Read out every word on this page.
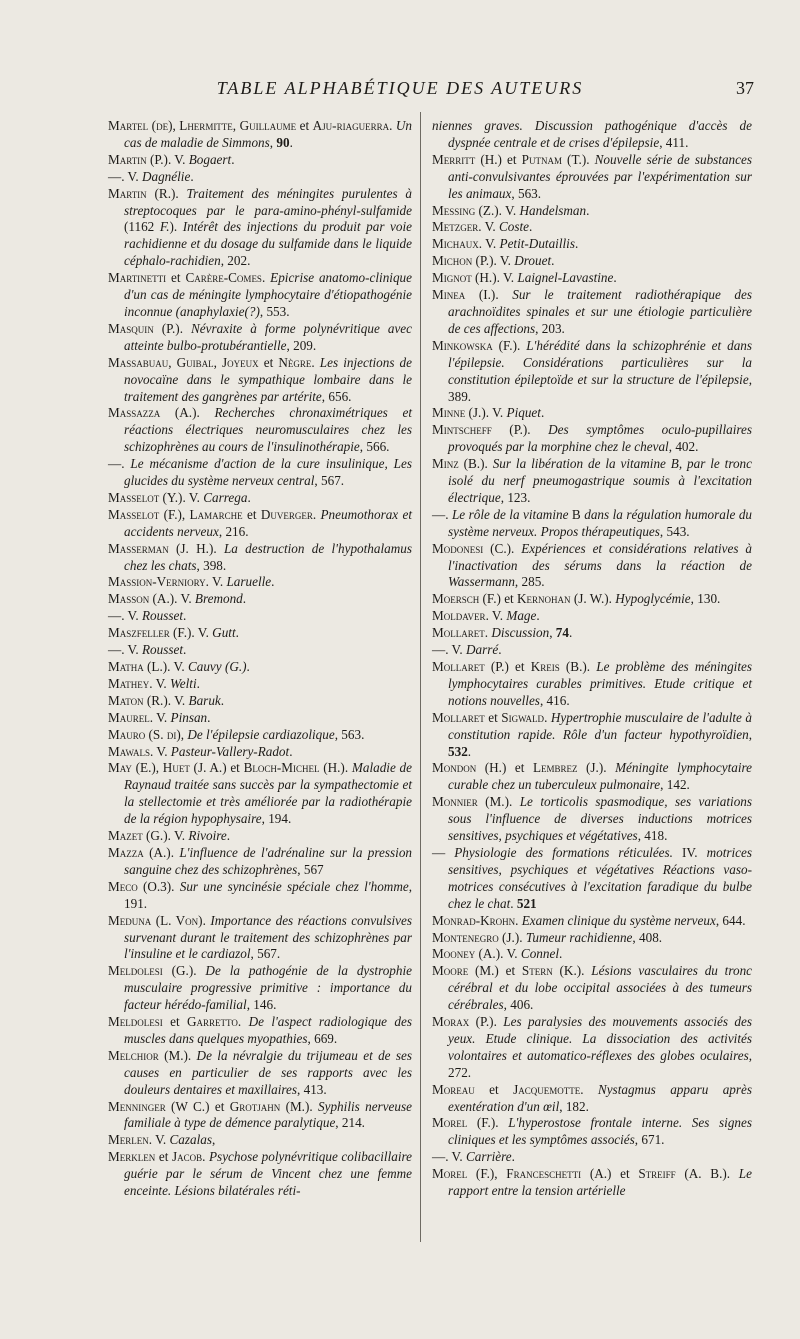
TABLE ALPHABÉTIQUE DES AUTEURS	37

Martel (de), Lhermitte, Guillaume et Aju-riaguerra. Un cas de maladie de Simmons, 90.

Martin (P.). V. Bogaert.

—. V. Dagnélie.

Martin (R.). Traitement des méningites purulentes à streptocoques par le para-amino-phényl-sulfamide (1162 F.). Intérêt des injections du produit par voie rachidienne et du dosage du sulfamide dans le liquide céphalo-rachidien, 202.

Martinetti et Carère-Comes. Epicrise anatomo-clinique d'un cas de méningite lymphocytaire d'étiopathogénie inconnue (anaphylaxie(?), 553.

Masquin (P.). Névraxite à forme polynévritique avec atteinte bulbo-protubérantielle, 209.

Massabuau, Guibal, Joyeux et Nègre. Les injections de novocaïne dans le sympathique lombaire dans le traitement des gangrènes par artérite, 656.

Massazza (A.). Recherches chronaximétriques et réactions électriques neuromusculaires chez les schizophrènes au cours de l'insulinothérapie, 566.

—. Le mécanisme d'action de la cure insulinique, Les glucides du système nerveux central, 567.

Masselot (Y.). V. Carrega.

Masselot (F.), Lamarche et Duverger. Pneumothorax et accidents nerveux, 216.

Masserman (J. H.). La destruction de l'hypothalamus chez les chats, 398.

Massion-Verniory. V. Laruelle.

Masson (A.). V. Bremond.

—. V. Rousset.

Maszfeller (F.). V. Gutt.

—. V. Rousset.

Matha (L.). V. Cauvy (G.).

Mathey. V. Welti.

Maton (R.). V. Baruk.

Maurel. V. Pinsan.

Mauro (S. di), De l'épilepsie cardiazolique, 563.

Mawals. V. Pasteur-Vallery-Radot.

May (E.), Huet (J. A.) et Bloch-Michel (H.). Maladie de Raynaud traitée sans succès par la sympathectomie et la stellectomie et très améliorée par la radiothérapie de la région hypophysaire, 194.

Mazet (G.). V. Rivoire.

Mazza (A.). L'influence de l'adrénaline sur la pression sanguine chez des schizophrènes, 567

Meco (O.3). Sur une syncinésie spéciale chez l'homme, 191.

Meduna (L. Von). Importance des réactions convulsives survenant durant le traitement des schizophrènes par l'insuline et le cardiazol, 567.

Meldolesi (G.). De la pathogénie de la dystrophie musculaire progressive primitive : importance du facteur hérédo-familial, 146.

Meldolesi et Garretto. De l'aspect radiologique des muscles dans quelques myopathies, 669.

Melchior (M.). De la névralgie du trijumeau et de ses causes en particulier de ses rapports avec les douleurs dentaires et maxillaires, 413.

Menninger (W C.) et Grotjahn (M.). Syphilis nerveuse familiale à type de démence paralytique, 214.

Merlen. V. Cazalas,

Merklen et Jacob. Psychose polynévritique colibacillaire guérie par le sérum de Vincent chez une femme enceinte. Lésions bilatérales réti-

niennes graves. Discussion pathogénique d'accès de dyspnée centrale et de crises d'épilepsie, 411.

Merritt (H.) et Putnam (T.). Nouvelle série de substances anti-convulsivantes éprouvées par l'expérimentation sur les animaux, 563.

Messing (Z.). V. Handelsman.

Metzger. V. Coste.

Michaux. V. Petit-Dutaillis.

Michon (P.). V. Drouet.

Mignot (H.). V. Laignel-Lavastine.

Minea (I.). Sur le traitement radiothérapique des arachnoïdites spinales et sur une étiologie particulière de ces affections, 203.

Minkowska (F.). L'hérédité dans la schizophrénie et dans l'épilepsie. Considérations particulières sur la constitution épileptoïde et sur la structure de l'épilepsie, 389.

Minne (J.). V. Piquet.

Mintscheff (P.). Des symptômes oculo-pupillaires provoqués par la morphine chez le cheval, 402.

Minz (B.). Sur la libération de la vitamine B, par le tronc isolé du nerf pneumogastrique soumis à l'excitation électrique, 123.

—. Le rôle de la vitamine B dans la régulation humorale du système nerveux. Propos thérapeutiques, 543.

Modonesi (C.). Expériences et considérations relatives à l'inactivation des sérums dans la réaction de Wassermann, 285.

Moersch (F.) et Kernohan (J. W.). Hypoglycémie, 130.

Moldaver. V. Mage.

Mollaret. Discussion, 74.

—. V. Darré.

Mollaret (P.) et Kreis (B.). Le problème des méningites lymphocytaires curables primitives. Etude critique et notions nouvelles, 416.

Mollaret et Sigwald. Hypertrophie musculaire de l'adulte à constitution rapide. Rôle d'un facteur hypothyroïdien, 532.

Mondon (H.) et Lembrez (J.). Méningite lymphocytaire curable chez un tuberculeux pulmonaire, 142.

Monnier (M.). Le torticolis spasmodique, ses variations sous l'influence de diverses inductions motrices sensitives, psychiques et végétatives, 418.

— Physiologie des formations réticulées. IV. motrices sensitives, psychiques et végétatives Réactions vaso-motrices consécutives à l'excitation faradique du bulbe chez le chat. 521

Monrad-Krohn. Examen clinique du système nerveux, 644.

Montenegro (J.). Tumeur rachidienne, 408.

Mooney (A.). V. Connel.

Moore (M.) et Stern (K.). Lésions vasculaires du tronc cérébral et du lobe occipital associées à des tumeurs cérébrales, 406.

Morax (P.). Les paralysies des mouvements associés des yeux. Etude clinique. La dissociation des activités volontaires et automatico-réflexes des globes oculaires, 272.

Moreau et Jacquemotte. Nystagmus apparu après exentération d'un œil, 182.

Morel (F.). L'hyperostose frontale interne. Ses signes cliniques et les symptômes associés, 671.

—. V. Carrière.

Morel (F.), Franceschetti (A.) et Streiff (A. B.). Le rapport entre la tension artérielle
